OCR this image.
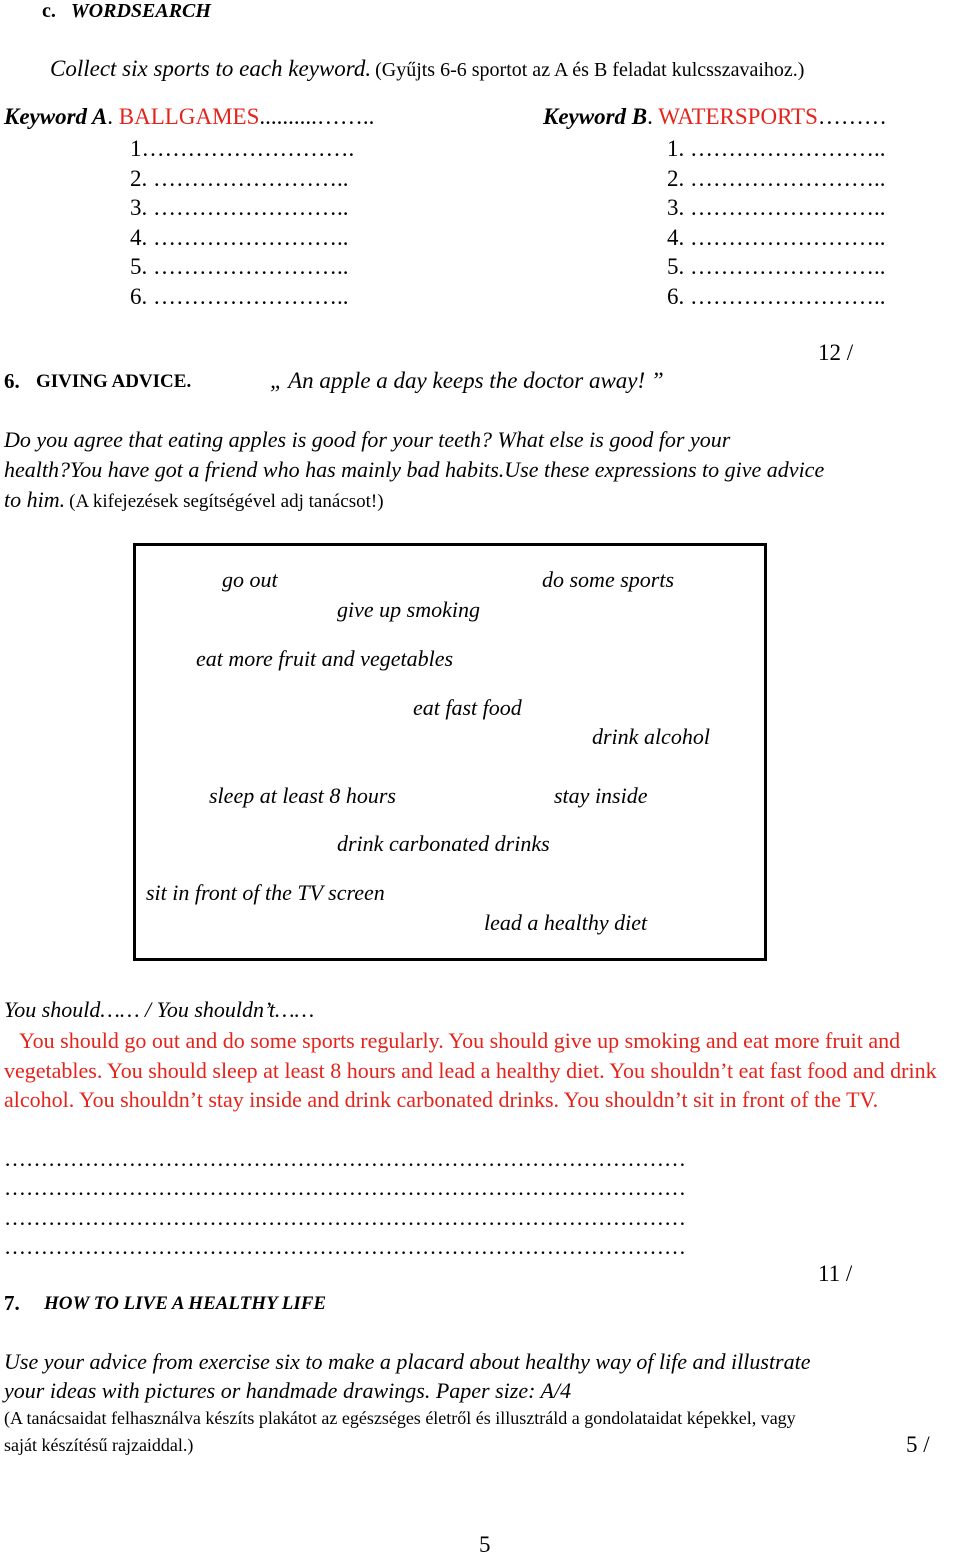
c. WORDSEARCH
Collect six sports to each keyword. (Gyűjts 6-6 sportot az A és B feladat kulcsszavaihoz.)
Keyword A. BALLGAMES..........……..
1……………………….
2. ……………………..
3. ……………………..
4. ……………………..
5. ……………………..
6. ……………………..
Keyword B. WATERSPORTS………
1. ……………………..
2. ……………………..
3. ……………………..
4. ……………………..
5. ……………………..
6. ……………………..
12 /
6. GIVING ADVICE.	„ An apple a day keeps the doctor away! ”
Do you agree that eating apples is good for your teeth? What else is good for your
health?You have got a friend who has mainly bad habits.Use these expressions to give advice
to him. (A kifejezések segítségével adj tanácsot!)
go out	do some sports
give up smoking
eat more fruit and vegetables
eat fast food
drink alcohol
sleep at least 8 hours	stay inside
drink carbonated drinks
sit in front of the TV screen
lead a healthy diet
You should…… / You shouldn’t……
You should go out and do some sports regularly. You should give up smoking and eat more fruit and vegetables. You should sleep at least 8 hours and lead a healthy diet. You shouldn’t eat fast food and drink alcohol. You shouldn’t stay inside and drink carbonated drinks. You shouldn’t sit in front of the TV.
…………………………………………………………………………………
…………………………………………………………………………………
…………………………………………………………………………………
…………………………………………………………………………………
11 /
7. HOW TO LIVE A HEALTHY LIFE
Use your advice from exercise six to make a placard about healthy way of life and illustrate
your ideas with pictures or handmade drawings. Paper size: A/4
(A tanácsaidat felhasználva készíts plakátot az egészséges életről és illusztráld a gondolataidat képekkel, vagy
saját készítésű rajzaiddal.)	5 /
5
